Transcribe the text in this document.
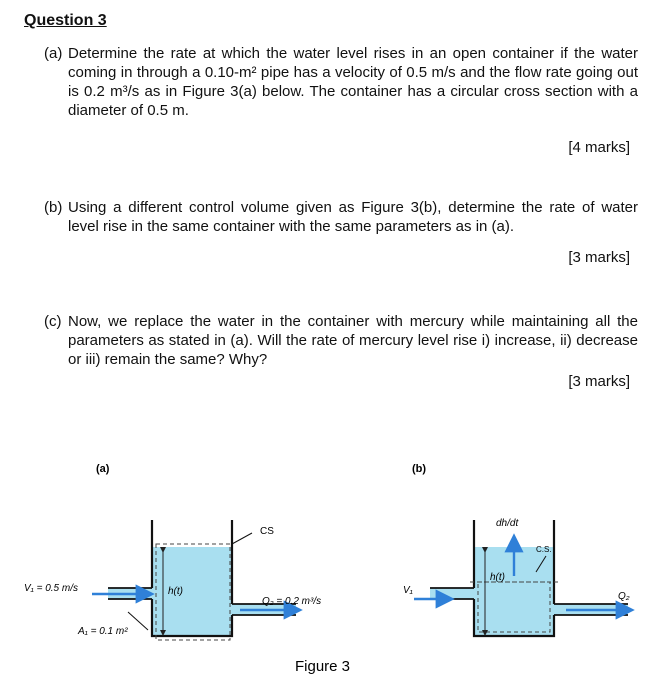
Question 3
(a) Determine the rate at which the water level rises in an open container if the water coming in through a 0.10-m² pipe has a velocity of 0.5 m/s and the flow rate going out is 0.2 m³/s as in Figure 3(a) below. The container has a circular cross section with a diameter of 0.5 m.
[4 marks]
(b) Using a different control volume given as Figure 3(b), determine the rate of water level rise in the same container with the same parameters as in (a).
[3 marks]
(c) Now, we replace the water in the container with mercury while maintaining all the parameters as stated in (a). Will the rate of mercury level rise i) increase, ii) decrease or iii) remain the same? Why?
[3 marks]
(a)
CS
h(t)
V₁ = 0.5 m/s
A₁ = 0.1 m²
Q₂ = 0.2 m³/s
(b)
dh/dt
C.S.
h(t)
V₁
Q₂
Figure 3
